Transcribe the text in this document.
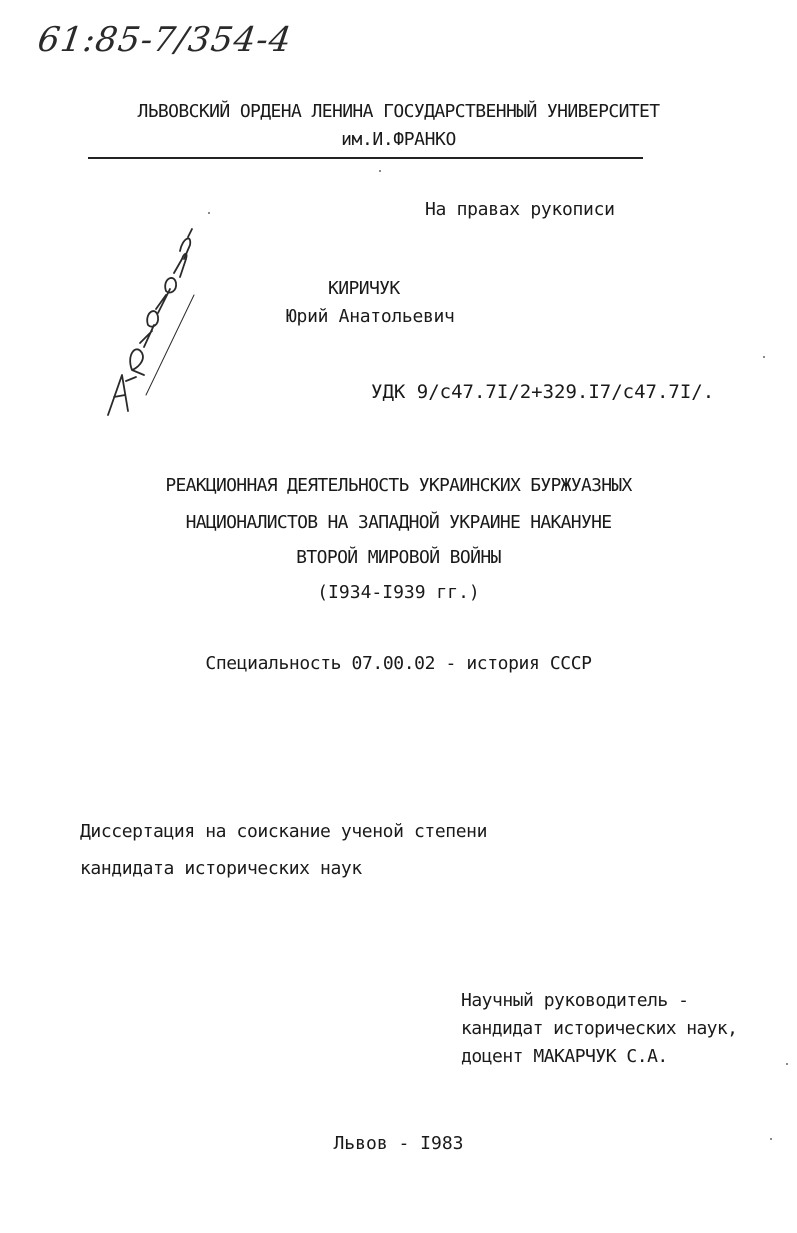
61:85-7/354-4
ЛЬВОВСКИЙ ОРДЕНА ЛЕНИНА ГОСУДАРСТВЕННЫЙ УНИВЕРСИТЕТ
им.И.ФРАНКО
На правах рукописи
КИРИЧУК
Юрий Анатольевич
УДК 9/с47.7I/2+329.I7/с47.7I/.
РЕАКЦИОННАЯ ДЕЯТЕЛЬНОСТЬ УКРАИНСКИХ БУРЖУАЗНЫХ
НАЦИОНАЛИСТОВ НА ЗАПАДНОЙ УКРАИНЕ НАКАНУНЕ
ВТОРОЙ МИРОВОЙ ВОЙНЫ
(I934-I939 гг.)
Специальность 07.00.02 - история СССР
Диссертация на соискание ученой степени
кандидата исторических наук
Научный руководитель -
кандидат исторических наук,
доцент МАКАРЧУК С.А.
Львов - I983
